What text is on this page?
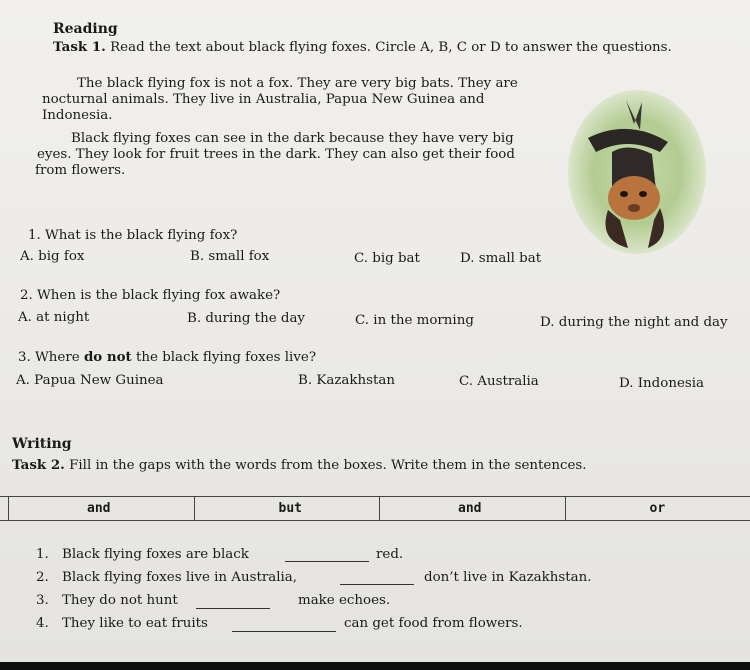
Reading
Task 1. Read the text about black flying foxes. Circle A, B, C or D to answer the questions.
The black flying fox is not a fox. They are very big bats. They are
nocturnal animals. They live in Australia, Papua New Guinea and
Indonesia.
Black flying foxes can see in the dark because they have very big
eyes. They look for fruit trees in the dark. They can also get their food
from flowers.
1. What is the black flying fox?
A. big fox	B. small fox	C. big bat	D. small bat
2. When is the black flying fox awake?
A. at night	B. during the day	C. in the morning	D. during the night and day
3. Where do not the black flying foxes live?
A. Papua New Guinea	B. Kazakhstan	C. Australia	D. Indonesia
Writing
Task 2. Fill in the gaps with the words from the boxes. Write them in the sentences.
and	but	and	or
1. Black flying foxes are black	red.
2. Black flying foxes live in Australia,	don’t live in Kazakhstan.
3. They do not hunt	make echoes.
4. They like to eat fruits	can get food from flowers.
